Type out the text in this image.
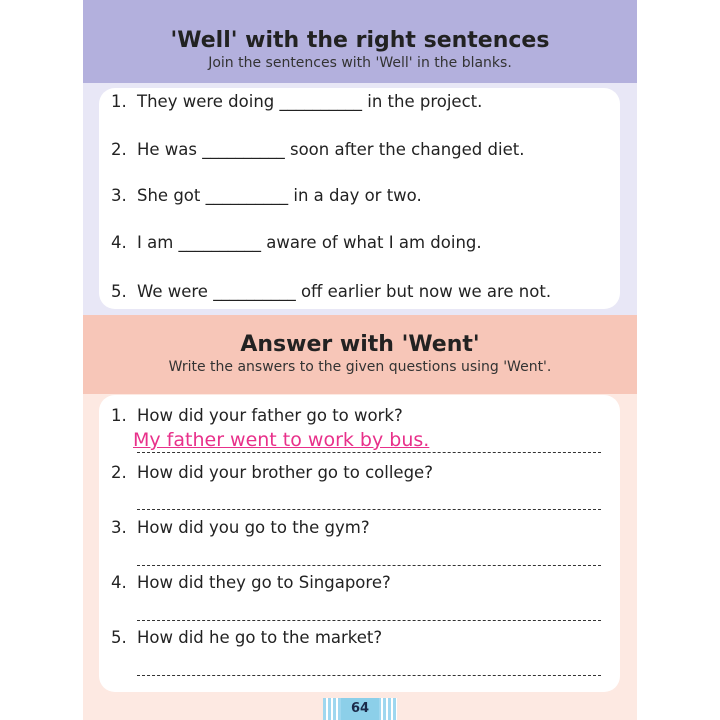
'Well' with the right sentences

Join the sentences with 'Well' in the blanks.

1. They were doing __________ in the project.
2. He was __________ soon after the changed diet.
3. She got __________ in a day or two.
4. I am __________ aware of what I am doing.
5. We were __________ off earlier but now we are not.
Answer with 'Went'

Write the answers to the given questions using 'Went'.

1. How did your father go to work?
My father went to work by bus.
2. How did your brother go to college?
3. How did you go to the gym?
4. How did they go to Singapore?
5. How did he go to the market?
64
